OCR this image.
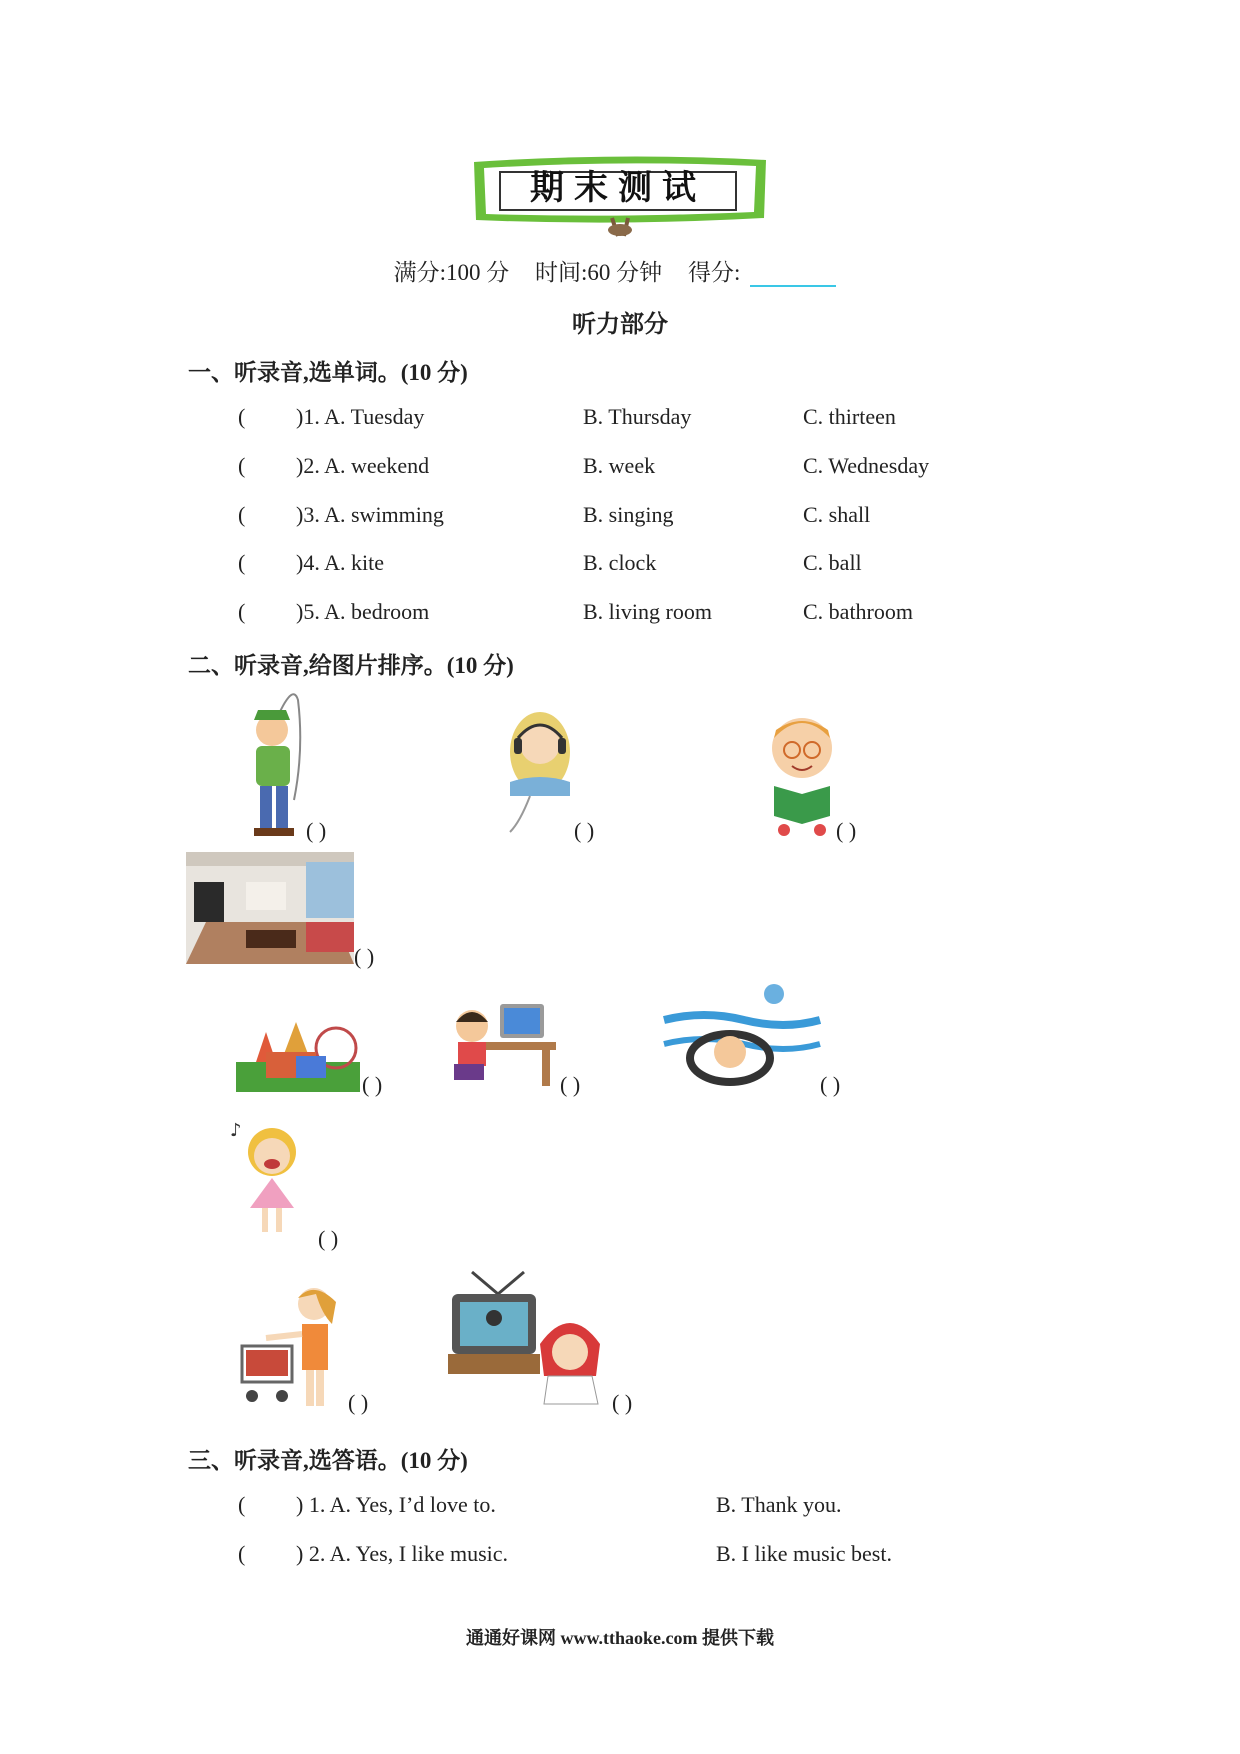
期末测试
满分:100 分 时间:60 分钟 得分:
听力部分
一、听录音,选单词。(10 分)
( )1. A. Tuesday	B. Thursday	C. thirteen
( )2. A. weekend	B. week	C. Wednesday
( )3. A. swimming	B. singing	C. shall
( )4. A. kite	B. clock	C. ball
( )5. A. bedroom	B. living room	C. bathroom
二、听录音,给图片排序。(10 分)
( )	( )	( )
( )
( )	( )	( )
♪
( )
( )	( )
三、听录音,选答语。(10 分)
( ) 1. A. Yes, I’d love to.	B. Thank you.
( ) 2. A. Yes, I like music.	B. I like music best.
通通好课网 www.tthaoke.com 提供下载
